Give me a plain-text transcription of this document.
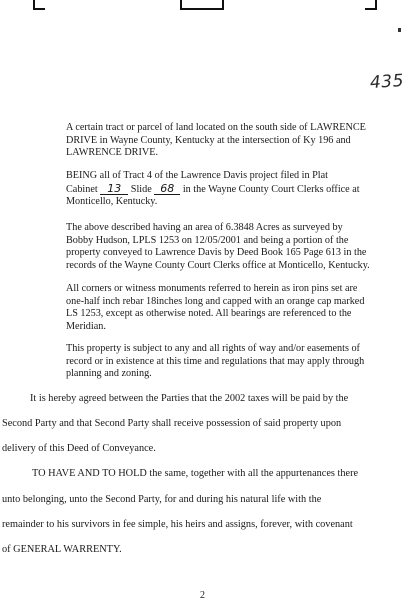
435
A certain tract or parcel of land located on the south side of LAWRENCE
DRIVE in Wayne County, Kentucky at the intersection of Ky 196 and
LAWRENCE DRIVE.
BEING all of Tract 4 of the Lawrence Davis project filed in Plat
Cabinet 13 Slide 68 in the Wayne County Court Clerks office at
Monticello, Kentucky.
The above described having an area of 6.3848 Acres as surveyed by
Bobby Hudson, LPLS 1253 on 12/05/2001 and being a portion of the
property conveyed to Lawrence Davis by Deed Book 165 Page 613 in the
records of the Wayne County Court Clerks office at Monticello, Kentucky.
All corners or witness monuments referred to herein as iron pins set are
one-half inch rebar 18inches long and capped with an orange cap marked
LS 1253, except as otherwise noted. All bearings are referenced to the
Meridian.
This property is subject to any and all rights of way and/or easements of
record or in existence at this time and regulations that may apply through
planning and zoning.
It is hereby agreed between the Parties that the 2002 taxes will be paid by the
Second Party and that Second Party shall receive possession of said property upon
delivery of this Deed of Conveyance.
TO HAVE AND TO HOLD the same, together with all the appurtenances there
unto belonging, unto the Second Party, for and during his natural life with the
remainder to his survivors in fee simple, his heirs and assigns, forever, with covenant
of GENERAL WARRENTY.
2
